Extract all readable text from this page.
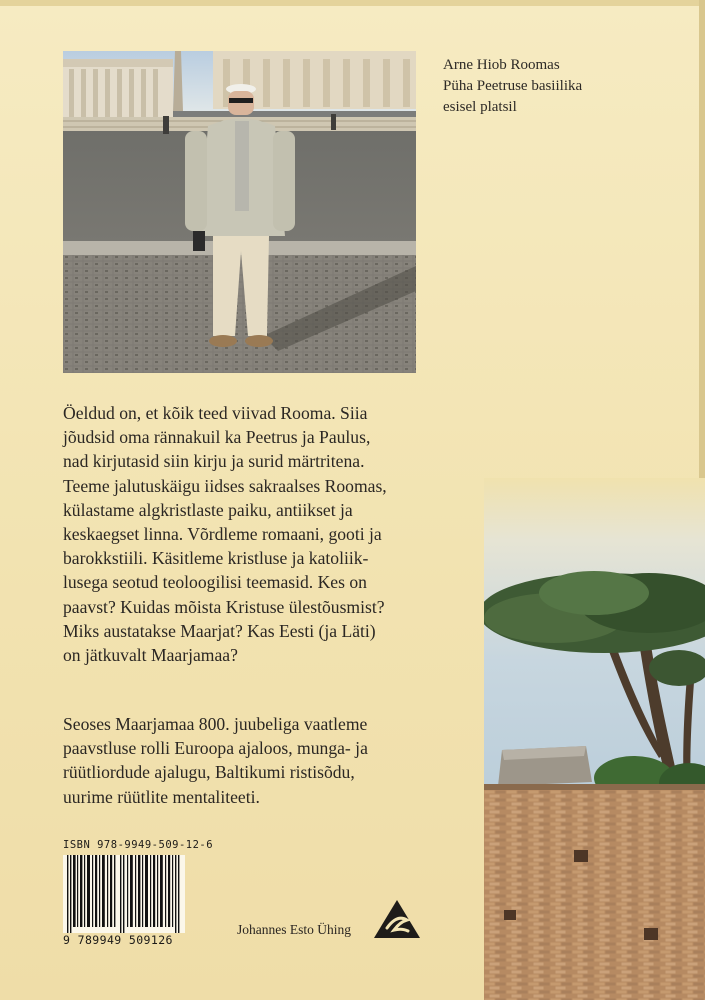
Arne Hiob Roomas
Püha Peetruse basiilika
esisel platsil
Öeldud on, et kõik teed viivad Rooma. Siia
jõudsid oma rännakuil ka Peetrus ja Paulus,
nad kirjutasid siin kirju ja surid märtritena.
Teeme jalutuskäigu iidses sakraalses Roomas,
külastame algkristlaste paiku, antiikset ja
keskaegset linna. Võrdleme romaani, gooti ja
barokkstiili. Käsitleme kristluse ja katoliik-
lusega seotud teoloogilisi teemasid. Kes on
paavst? Kuidas mõista Kristuse ülestõusmist?
Miks austatakse Maarjat? Kas Eesti (ja Läti)
on jätkuvalt Maarjamaa?
Seoses Maarjamaa 800. juubeliga vaatleme
paavstluse rolli Euroopa ajaloos, munga- ja
rüütliordude ajalugu, Baltikumi ristisõdu,
uurime rüütlite mentaliteeti.
ISBN 978-9949-509-12-6
9 789949 509126
Johannes Esto Ühing
